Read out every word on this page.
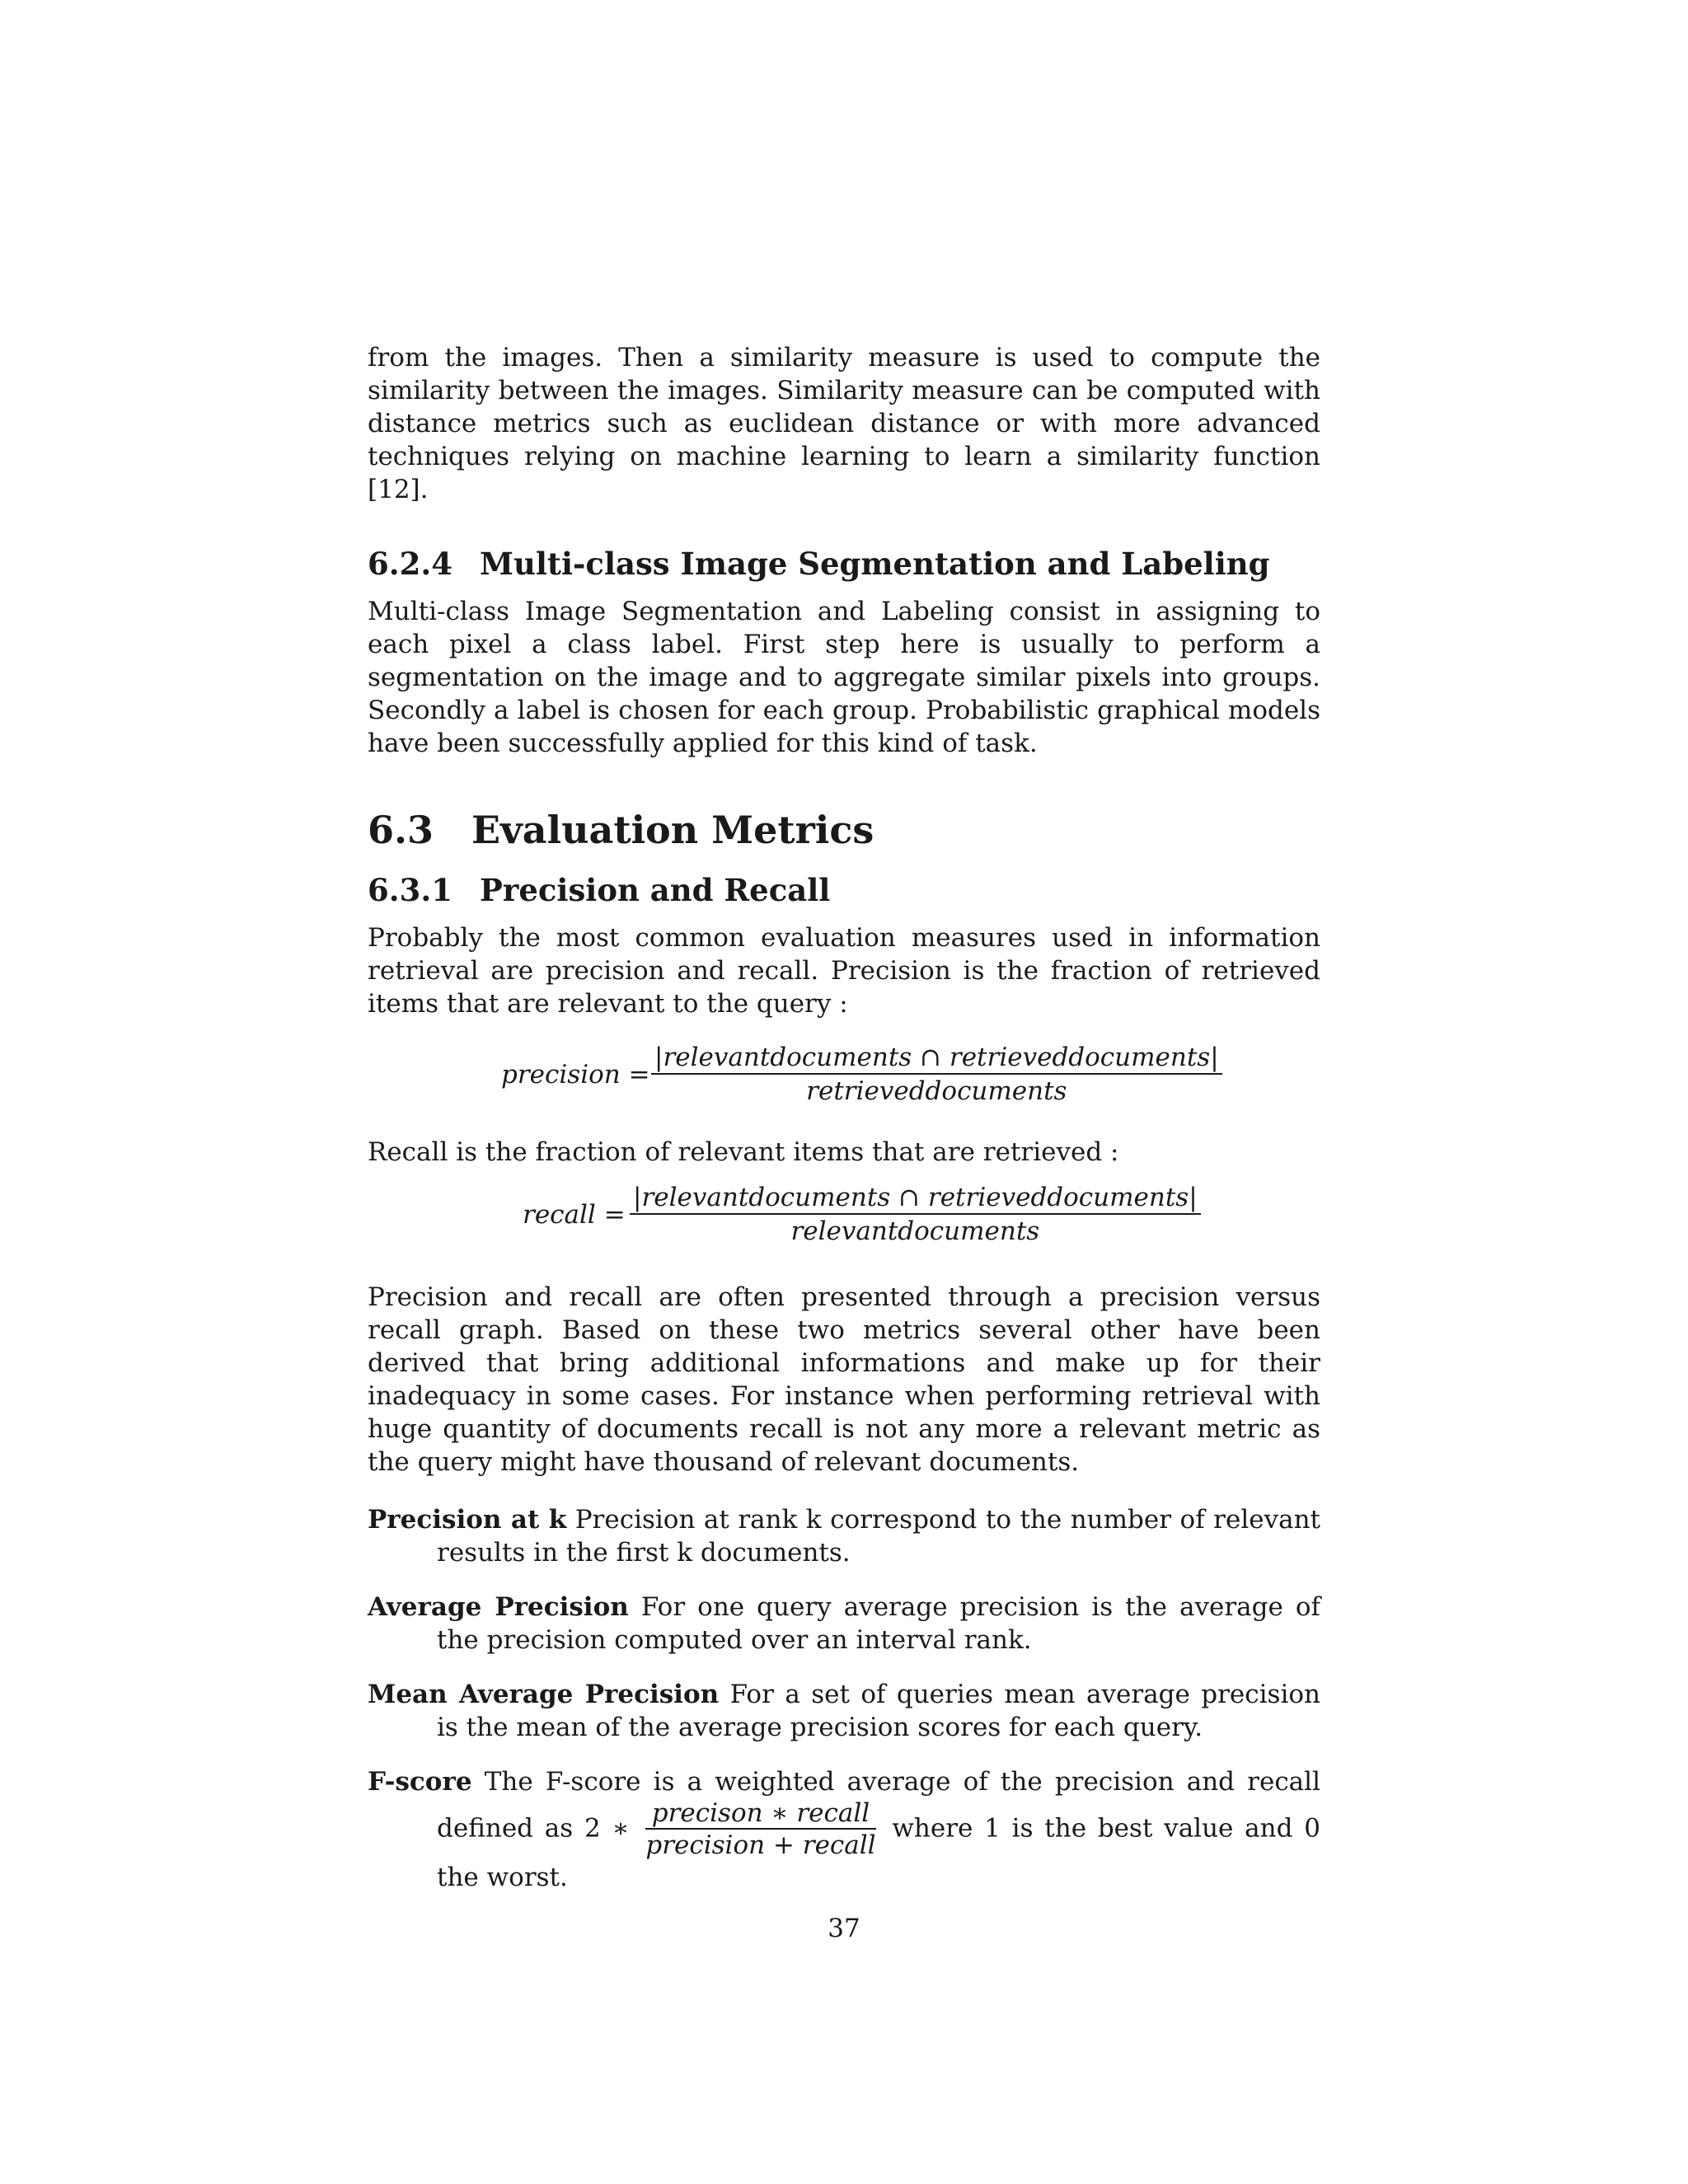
from the images. Then a similarity measure is used to compute the similarity between the images. Similarity measure can be computed with distance metrics such as euclidean distance or with more advanced techniques relying on machine learning to learn a similarity function [12].

6.2.4 Multi-class Image Segmentation and Labeling

Multi-class Image Segmentation and Labeling consist in assigning to each pixel a class label. First step here is usually to perform a segmentation on the image and to aggregate similar pixels into groups. Secondly a label is chosen for each group. Probabilistic graphical models have been successfully applied for this kind of task.

6.3 Evaluation Metrics
6.3.1 Precision and Recall

Probably the most common evaluation measures used in information retrieval are precision and recall. Precision is the fraction of retrieved items that are relevant to the query :

precision =
|relevantdocuments ∩ retrieveddocuments|
retrieveddocuments

Recall is the fraction of relevant items that are retrieved :

recall =
|relevantdocuments ∩ retrieveddocuments|
relevantdocuments

Precision and recall are often presented through a precision versus recall graph. Based on these two metrics several other have been derived that bring additional informations and make up for their inadequacy in some cases. For instance when performing retrieval with huge quantity of documents recall is not any more a relevant metric as the query might have thousand of relevant documents.

Precision at k Precision at rank k correspond to the number of relevant results in the first k documents.

Average Precision For one query average precision is the average of the precision computed over an interval rank.

Mean Average Precision For a set of queries mean average precision is the mean of the average precision scores for each query.

F-score The F-score is a weighted average of the precision and recall defined as 2 ∗ $\frac{\text{precison ∗ recall}}{\text{precision + recall}}$ where 1 is the best value and 0 the worst.

37
